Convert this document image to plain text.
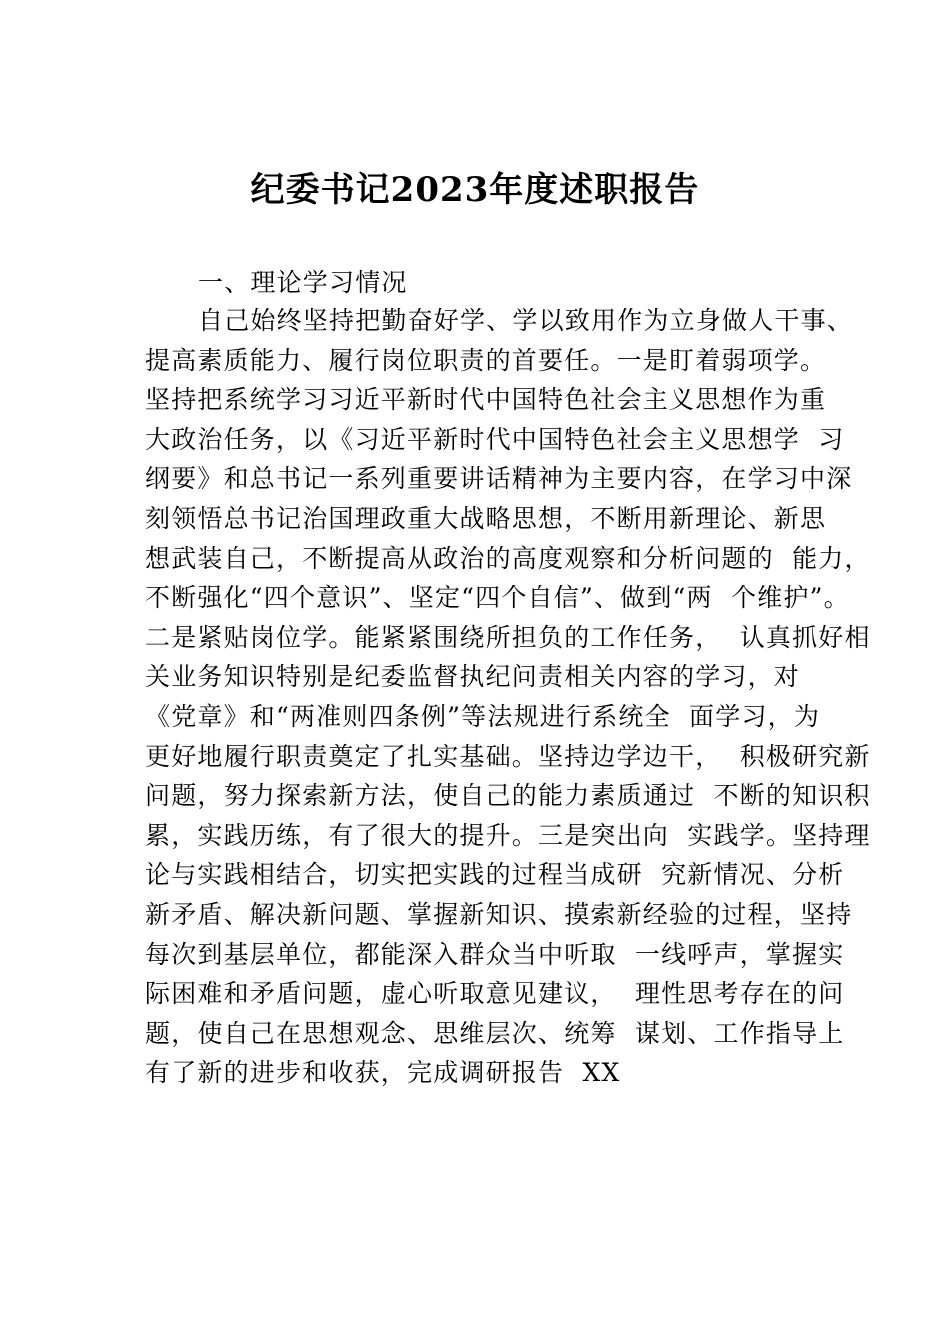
纪委书记2023年度述职报告
一、理论学习情况
自己始终坚持把勤奋好学、学以致用作为立身做人干事、
提高素质能力、履行岗位职责的首要任。一是盯着弱项学。
坚持把系统学习习近平新时代中国特色社会主义思想作为重
大政治任务，以《习近平新时代中国特色社会主义思想学  习
纲要》和总书记一系列重要讲话精神为主要内容，在学习中深
刻领悟总书记治国理政重大战略思想，不断用新理论、新思
想武装自己，不断提高从政治的高度观察和分析问题的  能力，
不断强化“四个意识”、坚定“四个自信”、做到“两  个维护”。
二是紧贴岗位学。能紧紧围绕所担负的工作任务，  认真抓好相
关业务知识特别是纪委监督执纪问责相关内容的学习，对
《党章》和“两准则四条例”等法规进行系统全  面学习，为
更好地履行职责奠定了扎实基础。坚持边学边干，  积极研究新
问题，努力探索新方法，使自己的能力素质通过  不断的知识积
累，实践历练，有了很大的提升。三是突出向  实践学。坚持理
论与实践相结合，切实把实践的过程当成研  究新情况、分析
新矛盾、解决新问题、掌握新知识、摸索新经验的过程，坚持
每次到基层单位，都能深入群众当中听取  一线呼声，掌握实
际困难和矛盾问题，虚心听取意见建议，  理性思考存在的问
题，使自己在思想观念、思维层次、统筹  谋划、工作指导上
有了新的进步和收获，完成调研报告  XX
